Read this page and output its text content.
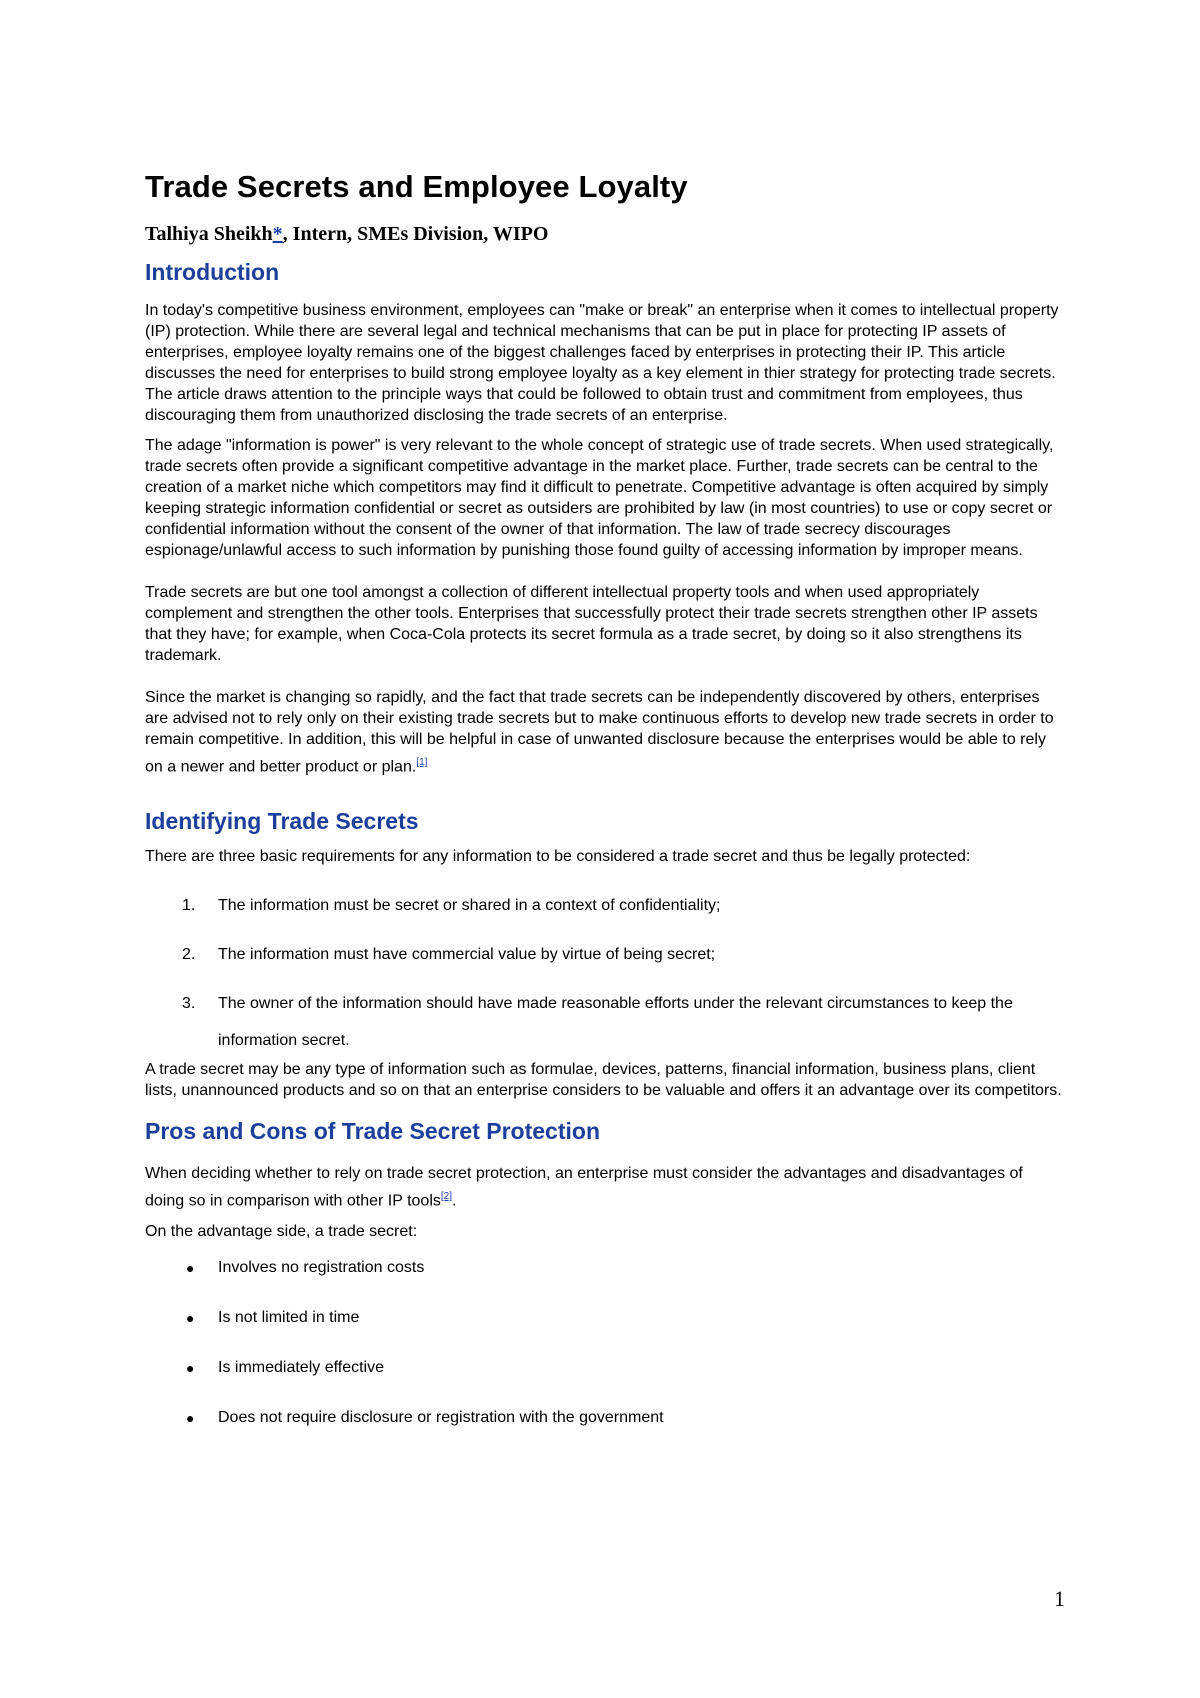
Trade Secrets and Employee Loyalty
Talhiya Sheikh*, Intern, SMEs Division, WIPO
Introduction

In today's competitive business environment, employees can "make or break" an enterprise when it comes to intellectual property (IP) protection. While there are several legal and technical mechanisms that can be put in place for protecting IP assets of enterprises, employee loyalty remains one of the biggest challenges faced by enterprises in protecting their IP. This article discusses the need for enterprises to build strong employee loyalty as a key element in thier strategy for protecting trade secrets. The article draws attention to the principle ways that could be followed to obtain trust and commitment from employees, thus discouraging them from unauthorized disclosing the trade secrets of an enterprise.

The adage "information is power" is very relevant to the whole concept of strategic use of trade secrets. When used strategically, trade secrets often provide a significant competitive advantage in the market place. Further, trade secrets can be central to the creation of a market niche which competitors may find it difficult to penetrate. Competitive advantage is often acquired by simply keeping strategic information confidential or secret as outsiders are prohibited by law (in most countries) to use or copy secret or confidential information without the consent of the owner of that information. The law of trade secrecy discourages espionage/unlawful access to such information by punishing those found guilty of accessing information by improper means.

Trade secrets are but one tool amongst a collection of different intellectual property tools and when used appropriately complement and strengthen the other tools. Enterprises that successfully protect their trade secrets strengthen other IP assets that they have; for example, when Coca-Cola protects its secret formula as a trade secret, by doing so it also strengthens its trademark.

Since the market is changing so rapidly, and the fact that trade secrets can be independently discovered by others, enterprises are advised not to rely only on their existing trade secrets but to make continuous efforts to develop new trade secrets in order to remain competitive. In addition, this will be helpful in case of unwanted disclosure because the enterprises would be able to rely on a newer and better product or plan.[1]

Identifying Trade Secrets

There are three basic requirements for any information to be considered a trade secret and thus be legally protected:

1. The information must be secret or shared in a context of confidentiality;
2. The information must have commercial value by virtue of being secret;
3. The owner of the information should have made reasonable efforts under the relevant circumstances to keep the information secret.

A trade secret may be any type of information such as formulae, devices, patterns, financial information, business plans, client lists, unannounced products and so on that an enterprise considers to be valuable and offers it an advantage over its competitors.

Pros and Cons of Trade Secret Protection

When deciding whether to rely on trade secret protection, an enterprise must consider the advantages and disadvantages of doing so in comparison with other IP tools[2].

On the advantage side, a trade secret:

● Involves no registration costs
● Is not limited in time
● Is immediately effective
● Does not require disclosure or registration with the government
1
